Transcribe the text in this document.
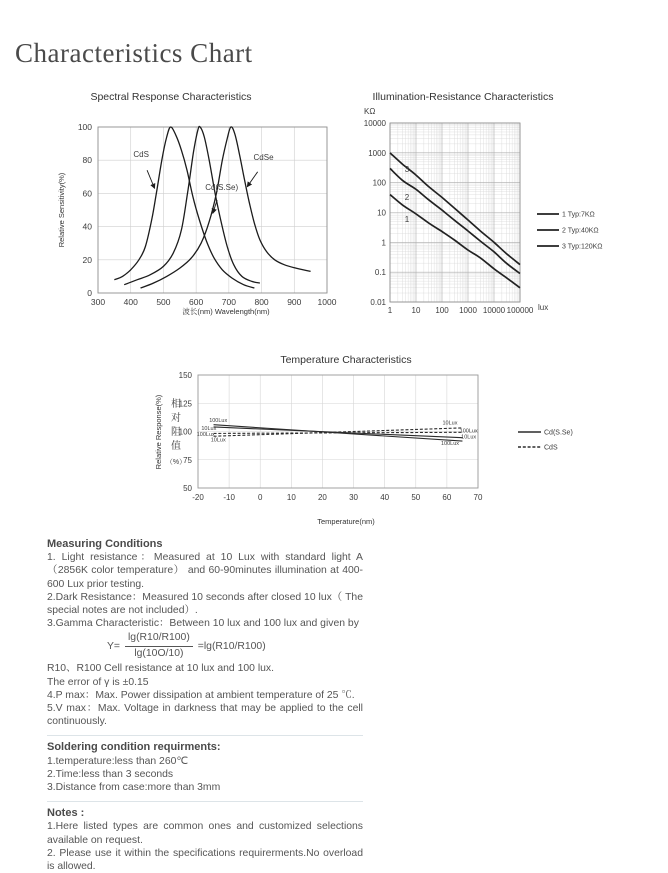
Characteristics Chart
Spectral Response Characteristics
波长(nm) Wavelength(nm)
Relative Sensitivity(%)
300 400 500 600 700 800 900 1000
0
20
40
60
80
100
CdS	CdSe
Cd(S.Se)
Illumination-Resistance Characteristics
KΩ
lux
1 10 100 1000 10000 100000
10000
1000
100
10
1
0.1
0.01
3
2
1
1 Typ:7KΩ
2 Typ:40KΩ
3 Typ:120KΩ
Temperature Characteristics
Temperature(nm)
Relative Response(%) （%）
-20 -10	0	10	20	30	40	50	60	70
150
125
100
75
50
100Lux
10Lux
100Lux
10Lux
10Lux
100Lux
10Lux
100Lux
相
对
阻
值
Cd(S.Se)
CdS

Measuring Conditions

1. Light resistance：Measured at 10 Lux with standard light A（2856K color temperature） and 60-90minutes illumination at 400-600 Lux prior testing.

2.Dark Resistance：Measured 10 seconds after closed 10 lux（ The special notes are not included）.

3.Gamma Characteristic：Between 10 lux and 100 lux and given by

$Y= \frac{\lg(R10/R100)}{\lg(10O/10)} =\lg(R10/R100)$

R10、R100 Cell resistance at 10 lux and 100 lux.

The error of γ is ±0.15

4.P max：Max. Power dissipation at ambient temperature of 25 ℃.

5.V max：Max. Voltage in darkness that may be applied to the cell continuously.

Soldering condition requirments:

1.temperature:less than 260℃

2.Time:less than 3 seconds

3.Distance from case:more than 3mm

Notes :

1.Here listed types are common ones and customized selections available on request.

2. Please use it within the specifications requirerments.No overload is allowed.
